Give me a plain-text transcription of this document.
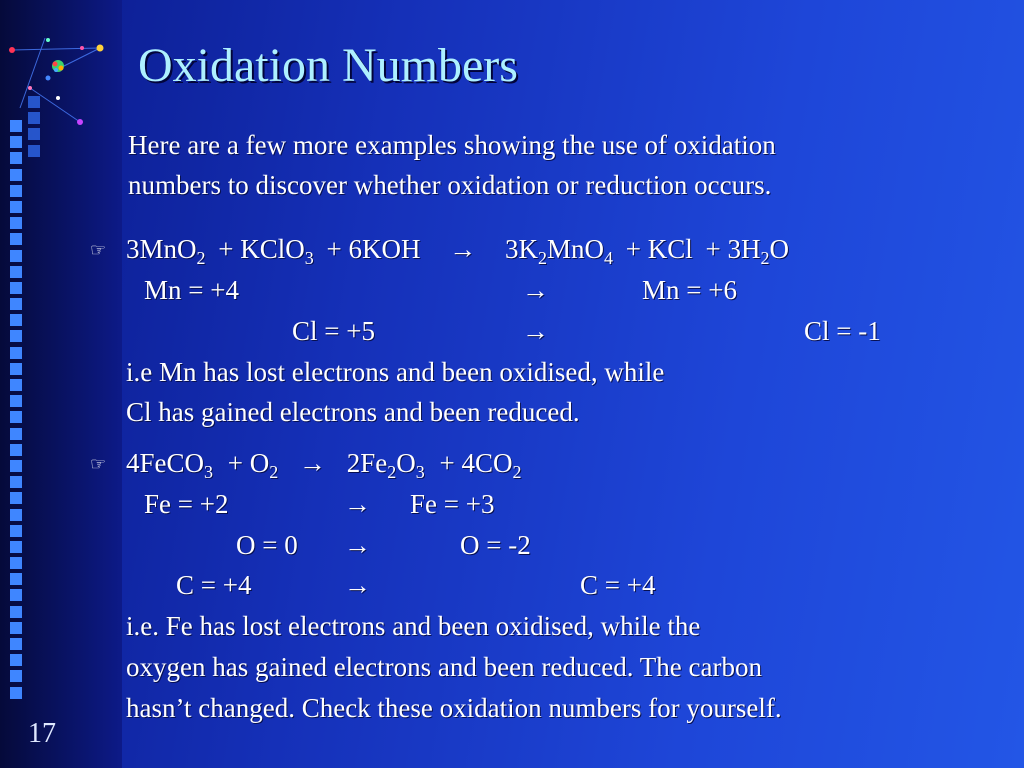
Oxidation Numbers
Here are a few more examples showing the use of oxidation
numbers to discover whether oxidation or reduction occurs.
☞ 3MnO$_2$ + KClO$_3$ + $6KOH \to 3K_2MnO_4$ + KCl + $3H_2O$
Mn = +4	→	Mn = +6
Cl = +5	→	Cl = -1
i.e Mn has lost electrons and been oxidised, while
Cl has gained electrons and been reduced.
☞ 4FeCO$_3$ + $O_2 \to 2Fe_2O_3 + 4CO_2$
Fe = +2	→ Fe = +3
O = 0 →	O = -2
C = +4	→	C = +4
i.e. Fe has lost electrons and been oxidised, while the
oxygen has gained electrons and been reduced. The carbon
hasn’t changed. Check these oxidation numbers for yourself.
17
